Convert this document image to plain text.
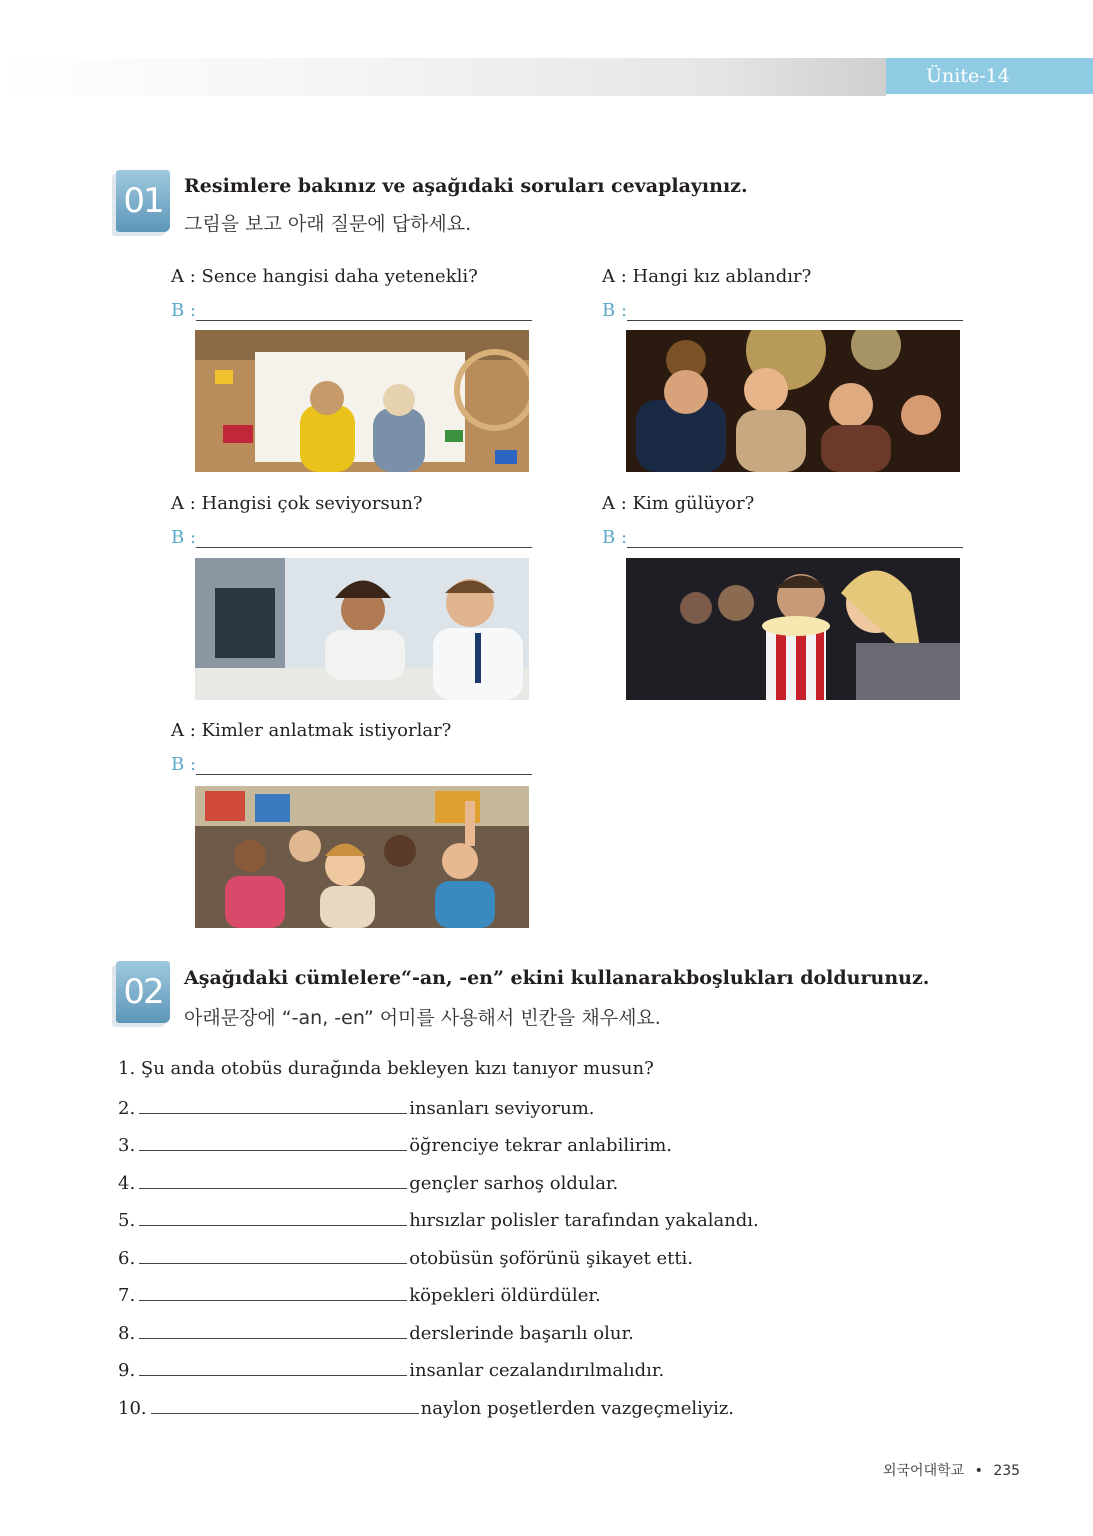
Ünite-14
01	Resimlere bakınız ve aşağıdaki soruları cevaplayınız.
그림을 보고 아래 질문에 답하세요.
A : Sence hangisi daha yetenekli?
B :
A : Hangi kız ablandır?
B :
A : Hangisi çok seviyorsun?
B :
A : Kim gülüyor?
B :
A : Kimler anlatmak istiyorlar?
B :
02	Aşağıdaki cümlelere“-an, -en” ekini kullanarakboşlukları doldurunuz.
아래문장에 “-an, -en” 어미를 사용해서 빈칸을 채우세요.
1. Şu anda otobüs durağında bekleyen kızı tanıyor musun?
2.	insanları seviyorum.
3.	öğrenciye tekrar anlabilirim.
4.	gençler sarhoş oldular.
5.	hırsızlar polisler tarafından yakalandı.
6.	otobüsün şoförünü şikayet etti.
7.	köpekleri öldürdüler.
8.	derslerinde başarılı olur.
9.	insanlar cezalandırılmalıdır.
10.	naylon poşetlerden vazgeçmeliyiz.
외국어대학교 • 235
